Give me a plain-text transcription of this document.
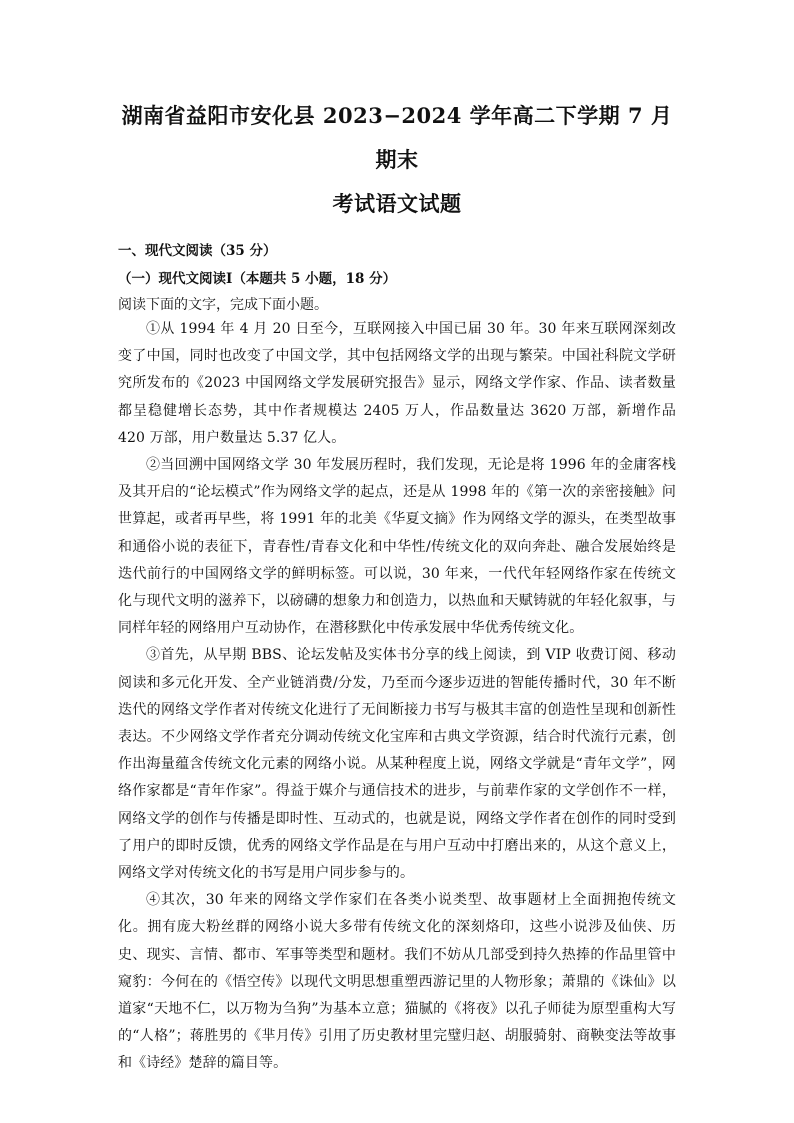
湖南省益阳市安化县 2023−2024 学年高二下学期 7 月期末
考试语文试题
一、现代文阅读（35 分）
（一）现代文阅读Ⅰ（本题共 5 小题，18 分）
阅读下面的文字，完成下面小题。

①从 1994 年 4 月 20 日至今，互联网接入中国已届 30 年。30 年来互联网深刻改变了中国，同时也改变了中国文学，其中包括网络文学的出现与繁荣。中国社科院文学研究所发布的《2023 中国网络文学发展研究报告》显示，网络文学作家、作品、读者数量都呈稳健增长态势，其中作者规模达 2405 万人，作品数量达 3620 万部，新增作品 420 万部，用户数量达 5.37 亿人。

②当回溯中国网络文学 30 年发展历程时，我们发现，无论是将 1996 年的金庸客栈及其开启的“论坛模式”作为网络文学的起点，还是从 1998 年的《第一次的亲密接触》问世算起，或者再早些，将 1991 年的北美《华夏文摘》作为网络文学的源头，在类型故事和通俗小说的表征下，青春性/青春文化和中华性/传统文化的双向奔赴、融合发展始终是迭代前行的中国网络文学的鲜明标签。可以说，30 年来，一代代年轻网络作家在传统文化与现代文明的滋养下，以磅礴的想象力和创造力，以热血和天赋铸就的年轻化叙事，与同样年轻的网络用户互动协作，在潜移默化中传承发展中华优秀传统文化。

③首先，从早期 BBS、论坛发帖及实体书分享的线上阅读，到 VIP 收费订阅、移动阅读和多元化开发、全产业链消费/分发，乃至而今逐步迈进的智能传播时代，30 年不断迭代的网络文学作者对传统文化进行了无间断接力书写与极其丰富的创造性呈现和创新性表达。不少网络文学作者充分调动传统文化宝库和古典文学资源，结合时代流行元素，创作出海量蕴含传统文化元素的网络小说。从某种程度上说，网络文学就是“青年文学”，网络作家都是“青年作家”。得益于媒介与通信技术的进步，与前辈作家的文学创作不一样，网络文学的创作与传播是即时性、互动式的，也就是说，网络文学作者在创作的同时受到了用户的即时反馈，优秀的网络文学作品是在与用户互动中打磨出来的，从这个意义上，网络文学对传统文化的书写是用户同步参与的。

④其次，30 年来的网络文学作家们在各类小说类型、故事题材上全面拥抱传统文化。拥有庞大粉丝群的网络小说大多带有传统文化的深刻烙印，这些小说涉及仙侠、历史、现实、言情、都市、军事等类型和题材。我们不妨从几部受到持久热捧的作品里管中窥豹：今何在的《悟空传》以现代文明思想重塑西游记里的人物形象；萧鼎的《诛仙》以道家“天地不仁，以万物为刍狗”为基本立意；猫腻的《将夜》以孔子师徒为原型重构大写的“人格”；蒋胜男的《芈月传》引用了历史教材里完璧归赵、胡服骑射、商鞅变法等故事和《诗经》楚辞的篇目等。
